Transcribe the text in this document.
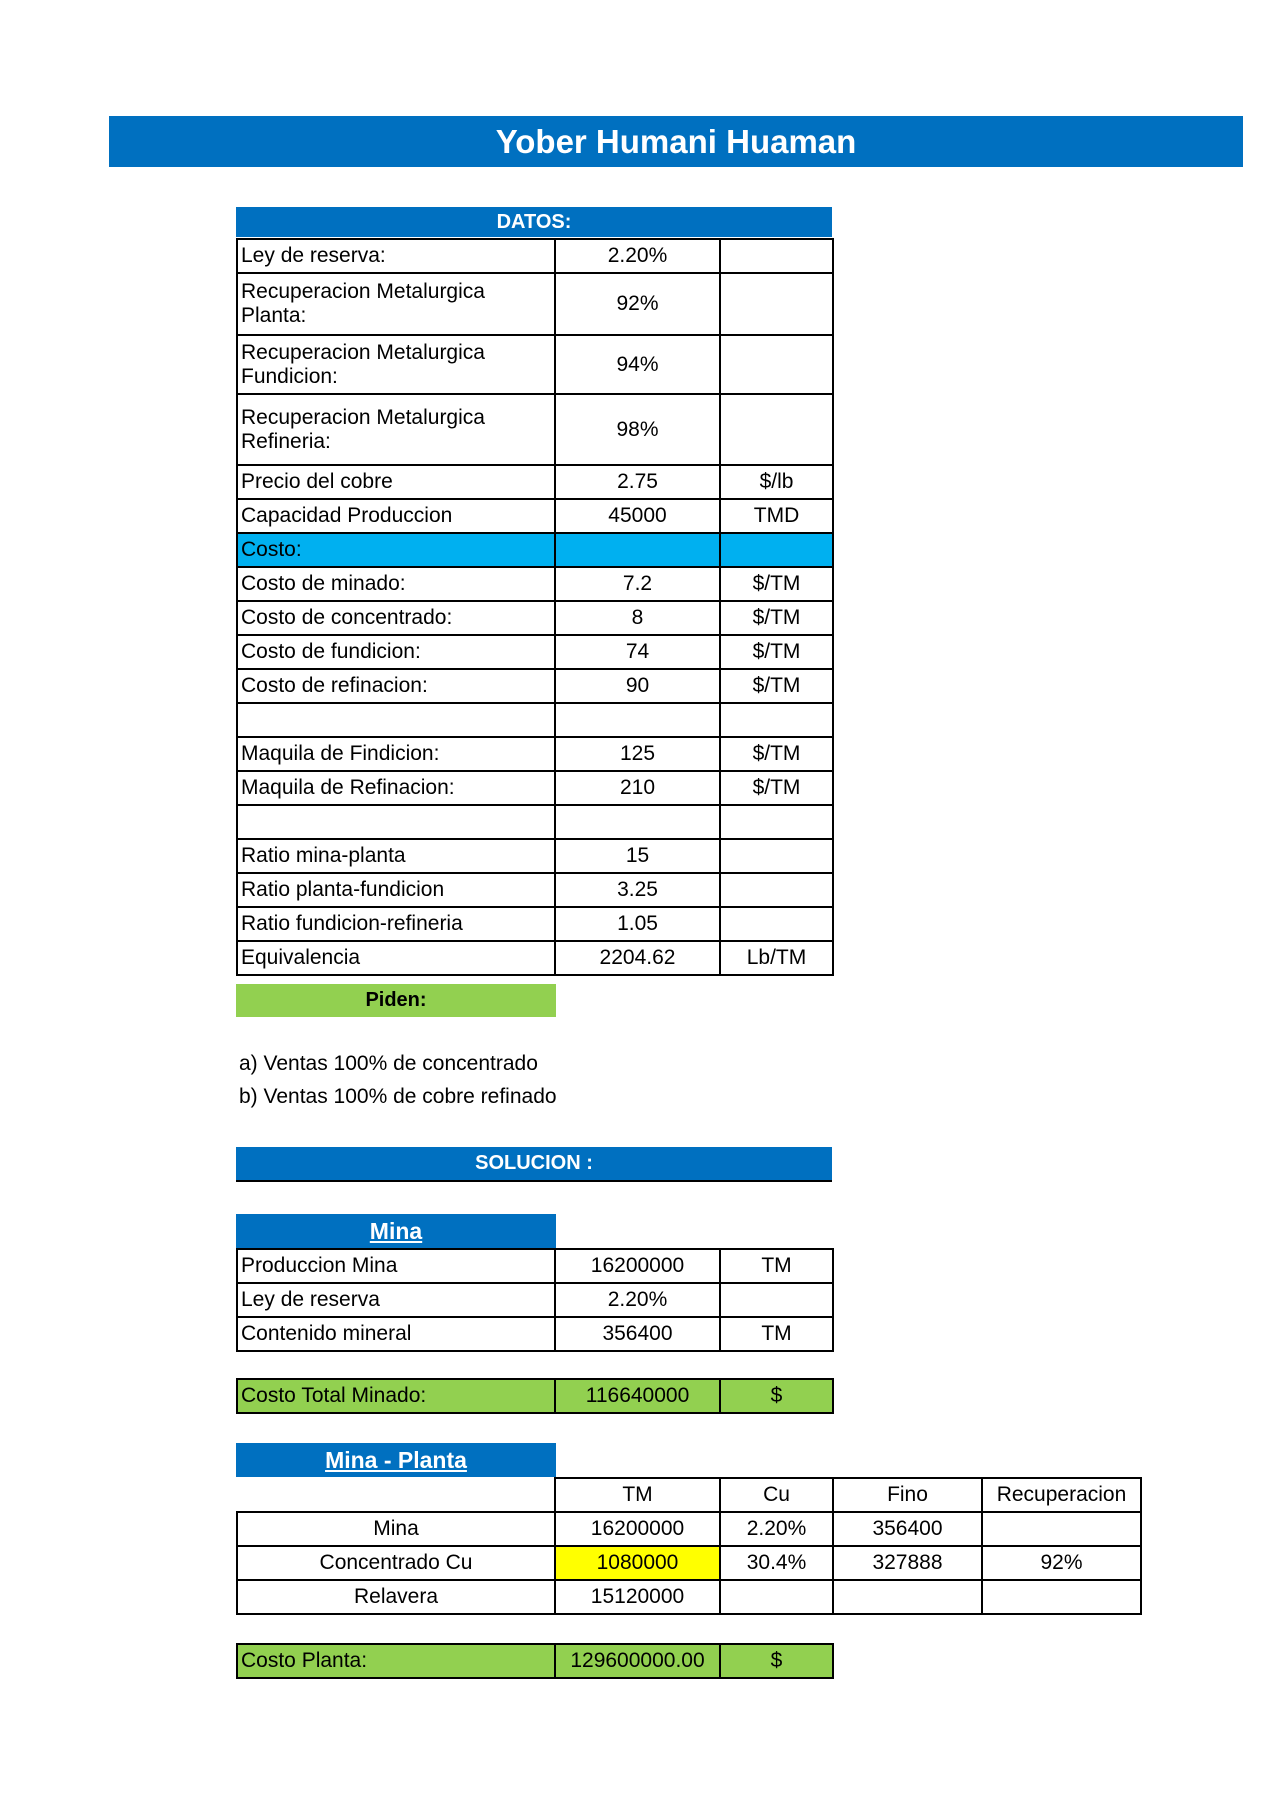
Yober Humani Huaman
DATOS:
Ley de reserva:	2.20%	
Recuperacion Metalurgica Planta:	92%	
Recuperacion Metalurgica Fundicion:	94%	
Recuperacion Metalurgica Refineria:	98%	
Precio del cobre	2.75	$/lb
Capacidad Produccion	45000	TMD
Costo:		
Costo de minado:	7.2	$/TM
Costo de concentrado:	8	$/TM
Costo de fundicion:	74	$/TM
Costo de refinacion:	90	$/TM

Maquila de Findicion:	125	$/TM
Maquila de Refinacion:	210	$/TM

Ratio mina-planta	15	
Ratio planta-fundicion	3.25	
Ratio fundicion-refineria	1.05	
Equivalencia	2204.62	Lb/TM
Piden:
a) Ventas 100% de concentrado
b) Ventas 100% de cobre refinado
SOLUCION :
Mina
Produccion Mina	16200000	TM
Ley de reserva	2.20%	
Contenido mineral	356400	TM
Costo Total Minado:	116640000	$
Mina - Planta
	TM	Cu	Fino	Recuperacion
Mina	16200000	2.20%	356400	
Concentrado Cu	1080000	30.4%	327888	92%
Relavera	15120000			
Costo Planta:	129600000.00	$
